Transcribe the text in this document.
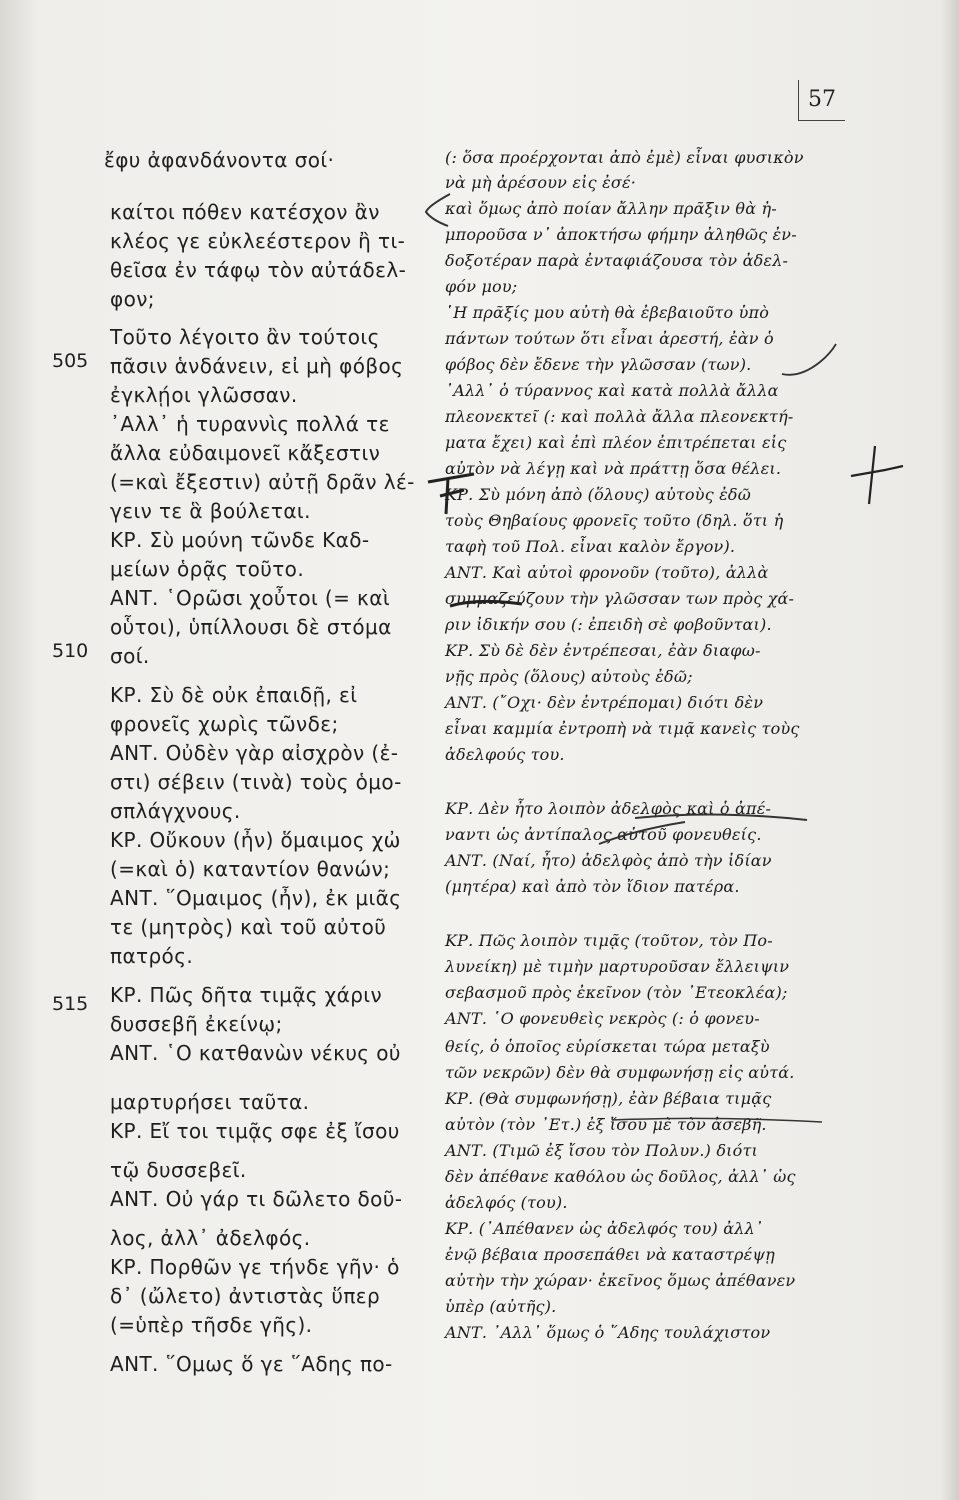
57
505
510
515
ἔφυ ἀφανδάνοντα σοί·
καίτοι πόθεν κατέσχον ἂν
κλέος γε εὐκλεέστερον ἢ τι-
θεῖσα ἐν τάφῳ τὸν αὐτάδελ-
φον;
Τοῦτο λέγοιτο ἂν τούτοις
πᾶσιν ἁνδάνειν, εἰ μὴ φόβος
ἐγκλῄοι γλῶσσαν.
᾿Αλλ᾿ ἡ τυραννὶς πολλά τε
ἄλλα εὐδαιμονεῖ κἄξεστιν
(=καὶ ἔξεστιν) αὐτῇ δρᾶν λέ-
γειν τε ἃ βούλεται.
ΚΡ. Σὺ μούνη τῶνδε Καδ-
μείων ὁρᾷς τοῦτο.
ΑΝΤ. ῾Ορῶσι χοὖτοι (= καὶ
οὗτοι), ὑπίλλουσι δὲ στόμα
σοί.
ΚΡ. Σὺ δὲ οὐκ ἐπαιδῇ, εἰ
φρονεῖς χωρὶς τῶνδε;
ΑΝΤ. Οὐδὲν γὰρ αἰσχρὸν (ἐ-
στι) σέβειν (τινὰ) τοὺς ὁμο-
σπλάγχνους.
ΚΡ. Οὔκουν (ἦν) ὅμαιμος χὠ
(=καὶ ὁ) καταντίον θανών;
ΑΝΤ. ῞Ομαιμος (ἦν), ἐκ μιᾶς
τε (μητρὸς) καὶ τοῦ αὐτοῦ
πατρός.
ΚΡ. Πῶς δῆτα τιμᾷς χάριν
δυσσεβῆ ἐκείνῳ;
ΑΝΤ. ῾Ο κατθανὼν νέκυς οὐ
μαρτυρήσει ταῦτα.
ΚΡ. Εἴ τοι τιμᾷς σφε ἐξ ἴσου
τῷ δυσσεβεῖ.
ΑΝΤ. Οὐ γάρ τι δῶλετο δοῦ-
λος, ἀλλ᾿ ἀδελφός.
ΚΡ. Πορθῶν γε τήνδε γῆν· ὁ
δ᾿ (ὤλετο) ἀντιστὰς ὕπερ
(=ὑπὲρ τῆσδε γῆς).
ΑΝΤ. ῞Ομως ὅ γε ῞Αδης πο-
(: ὅσα προέρχονται ἀπὸ ἐμὲ) εἶναι φυσικὸν
νὰ μὴ ἀρέσουν εἰς ἐσέ·
καὶ ὅμως ἀπὸ ποίαν ἄλλην πρᾶξιν θὰ ἠ-
μποροῦσα ν᾿ ἀποκτήσω φήμην ἀληθῶς ἐν-
δοξοτέραν παρὰ ἐνταφιάζουσα τὸν ἀδελ-
φόν μου;
῾Η πρᾶξίς μου αὐτὴ θὰ ἐβεβαιοῦτο ὑπὸ
πάντων τούτων ὅτι εἶναι ἀρεστή, ἐὰν ὁ
φόβος δὲν ἔδενε τὴν γλῶσσαν (των).
᾿Αλλ᾿ ὁ τύραννος καὶ κατὰ πολλὰ ἄλλα
πλεονεκτεῖ (: καὶ πολλὰ ἄλλα πλεονεκτή-
ματα ἔχει) καὶ ἐπὶ πλέον ἐπιτρέπεται εἰς
αὐτὸν νὰ λέγῃ καὶ νὰ πράττῃ ὅσα θέλει.
ΚΡ. Σὺ μόνη ἀπὸ (ὅλους) αὐτοὺς ἐδῶ
τοὺς Θηβαίους φρονεῖς τοῦτο (δηλ. ὅτι ἡ
ταφὴ τοῦ Πολ. εἶναι καλὸν ἔργον).
ΑΝΤ. Καὶ αὐτοὶ φρονοῦν (τοῦτο), ἀλλὰ
συμμαζεύζουν τὴν γλῶσσαν των πρὸς χά-
ριν ἰδικήν σου (: ἐπειδὴ σὲ φοβοῦνται).
ΚΡ. Σὺ δὲ δὲν ἐντρέπεσαι, ἐὰν διαφω-
νῇς πρὸς (ὅλους) αὐτοὺς ἐδῶ;
ΑΝΤ. (῎Οχι· δὲν ἐντρέπομαι) διότι δὲν
εἶναι καμμία ἐντροπὴ νὰ τιμᾷ κανεὶς τοὺς
ἀδελφούς του.
ΚΡ. Δὲν ἦτο λοιπὸν ἀδελφὸς καὶ ὁ ἀπέ-
ναντι ὡς ἀντίπαλος αὐτοῦ φονευθείς.
ΑΝΤ. (Ναί, ἦτο) ἀδελφὸς ἀπὸ τὴν ἰδίαν
(μητέρα) καὶ ἀπὸ τὸν ἴδιον πατέρα.
ΚΡ. Πῶς λοιπὸν τιμᾷς (τοῦτον, τὸν Πο-
λυνείκη) μὲ τιμὴν μαρτυροῦσαν ἔλλειψιν
σεβασμοῦ πρὸς ἐκεῖνον (τὸν ᾿Ετεοκλέα);
ΑΝΤ. ῾Ο φονευθεὶς νεκρὸς (: ὁ φονευ-
θείς, ὁ ὁποῖος εὑρίσκεται τώρα μεταξὺ
τῶν νεκρῶν) δὲν θὰ συμφωνήσῃ εἰς αὐτά.
ΚΡ. (Θὰ συμφωνήσῃ), ἐὰν βέβαια τιμᾷς
αὐτὸν (τὸν ᾿Ετ.) ἐξ ἴσου μὲ τὸν ἀσεβῆ.
ΑΝΤ. (Τιμῶ ἐξ ἴσου τὸν Πολυν.) διότι
δὲν ἀπέθανε καθόλου ὡς δοῦλος, ἀλλ᾿ ὡς
ἀδελφός (του).
ΚΡ. (᾿Απέθανεν ὡς ἀδελφός του) ἀλλ᾿
ἐνῷ βέβαια προσεπάθει νὰ καταστρέψῃ
αὐτὴν τὴν χώραν· ἐκεῖνος ὅμως ἀπέθανεν
ὑπὲρ (αὐτῆς).
ΑΝΤ. ᾿Αλλ᾿ ὅμως ὁ ῞Αδης τουλάχιστον
